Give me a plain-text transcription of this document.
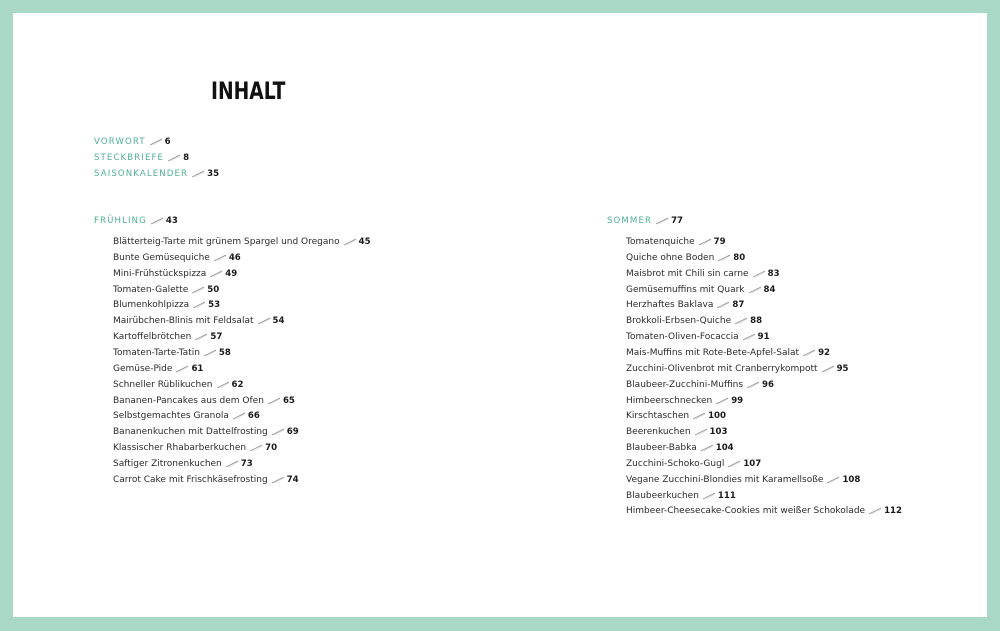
INHALT
VORWORT 6
STECKBRIEFE 8
SAISONKALENDER 35
FRÜHLING 43
Blätterteig-Tarte mit grünem Spargel und Oregano 45
Bunte Gemüsequiche 46
Mini-Frühstückspizza 49
Tomaten-Galette 50
Blumenkohlpizza 53
Mairübchen-Blinis mit Feldsalat 54
Kartoffelbrötchen 57
Tomaten-Tarte-Tatin 58
Gemüse-Pide 61
Schneller Rüblikuchen 62
Bananen-Pancakes aus dem Ofen 65
Selbstgemachtes Granola 66
Bananenkuchen mit Dattelfrosting 69
Klassischer Rhabarberkuchen 70
Saftiger Zitronenkuchen 73
Carrot Cake mit Frischkäsefrosting 74
SOMMER 77
Tomatenquiche 79
Quiche ohne Boden 80
Maisbrot mit Chili sin carne 83
Gemüsemuffins mit Quark 84
Herzhaftes Baklava 87
Brokkoli-Erbsen-Quiche 88
Tomaten-Oliven-Focaccia 91
Mais-Muffins mit Rote-Bete-Apfel-Salat 92
Zucchini-Olivenbrot mit Cranberrykompott 95
Blaubeer-Zucchini-Muffins 96
Himbeerschnecken 99
Kirschtaschen 100
Beerenkuchen 103
Blaubeer-Babka 104
Zucchini-Schoko-Gugl 107
Vegane Zucchini-Blondies mit Karamellsoße 108
Blaubeerkuchen 111
Himbeer-Cheesecake-Cookies mit weißer Schokolade 112
